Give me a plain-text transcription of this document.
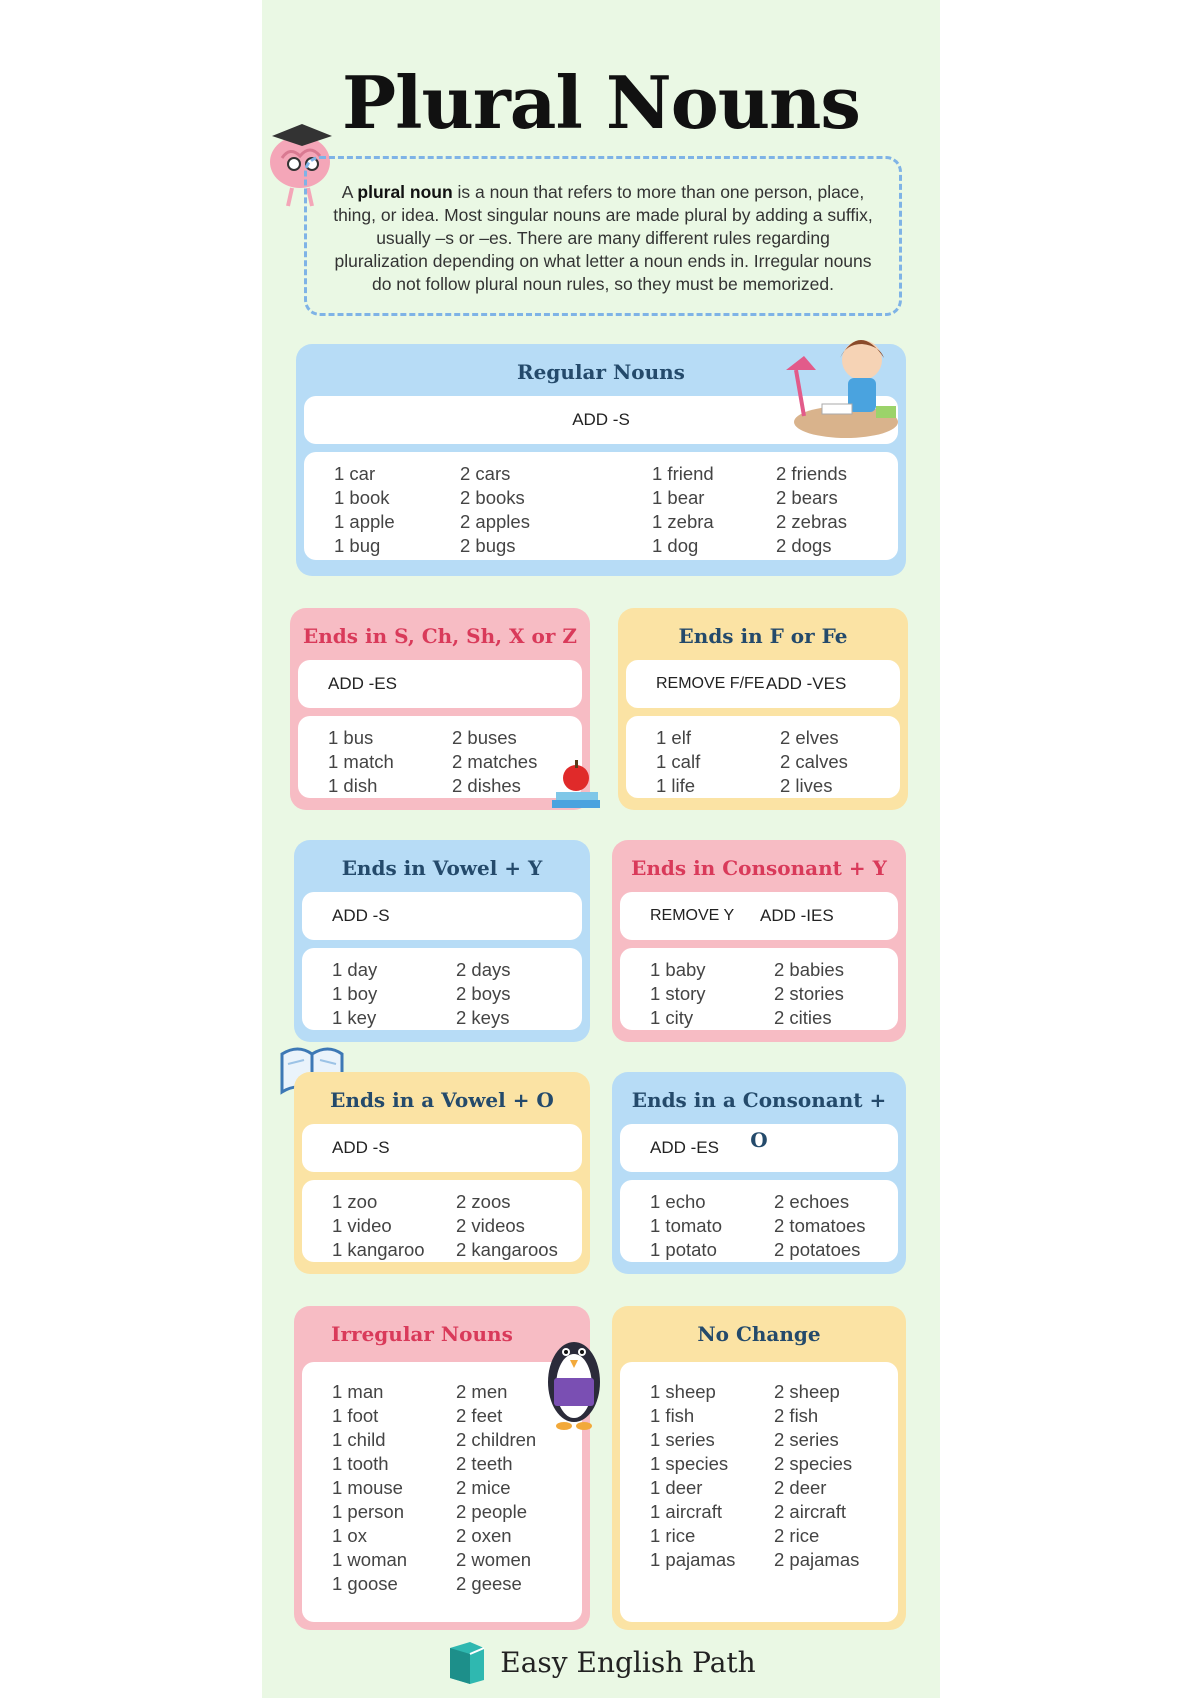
Plural Nouns
A plural noun is a noun that refers to more than one person, place, thing, or idea. Most singular nouns are made plural by adding a suffix, usually –s or –es. There are many different rules regarding pluralization depending on what letter a noun ends in. Irregular nouns do not follow plural noun rules, so they must be memorized.
Regular Nouns
ADD -S
1 car
1 book
1 apple
1 bug
2 cars
2 books
2 apples
2 bugs
1 friend
1 bear
1 zebra
1 dog
2 friends
2 bears
2 zebras
2 dogs
Ends in S, Ch, Sh, X or Z
ADD -ES
1 bus
1 match
1 dish
2 buses
2 matches
2 dishes
Ends in F or Fe
REMOVE F/FE ADD -VES
1 elf
1 calf
1 life
2 elves
2 calves
2 lives
Ends in Vowel + Y
ADD -S
1 day
1 boy
1 key
2 days
2 boys
2 keys
Ends in Consonant + Y
REMOVE Y	ADD -IES
1 baby
1 story
1 city
2 babies
2 stories
2 cities
Ends in a Vowel + O
ADD -S
1 zoo
1 video
1 kangaroo
2 zoos
2 videos
2 kangaroos
Ends in a Consonant + O
ADD -ES
1 echo
1 tomato
1 potato
2 echoes
2 tomatoes
2 potatoes
Irregular Nouns
1 man
1 foot
1 child
1 tooth
1 mouse
1 person
1 ox
1 woman
1 goose
2 men
2 feet
2 children
2 teeth
2 mice
2 people
2 oxen
2 women
2 geese
No Change
1 sheep
1 fish
1 series
1 species
1 deer
1 aircraft
1 rice
1 pajamas
2 sheep
2 fish
2 series
2 species
2 deer
2 aircraft
2 rice
2 pajamas
Easy English Path
